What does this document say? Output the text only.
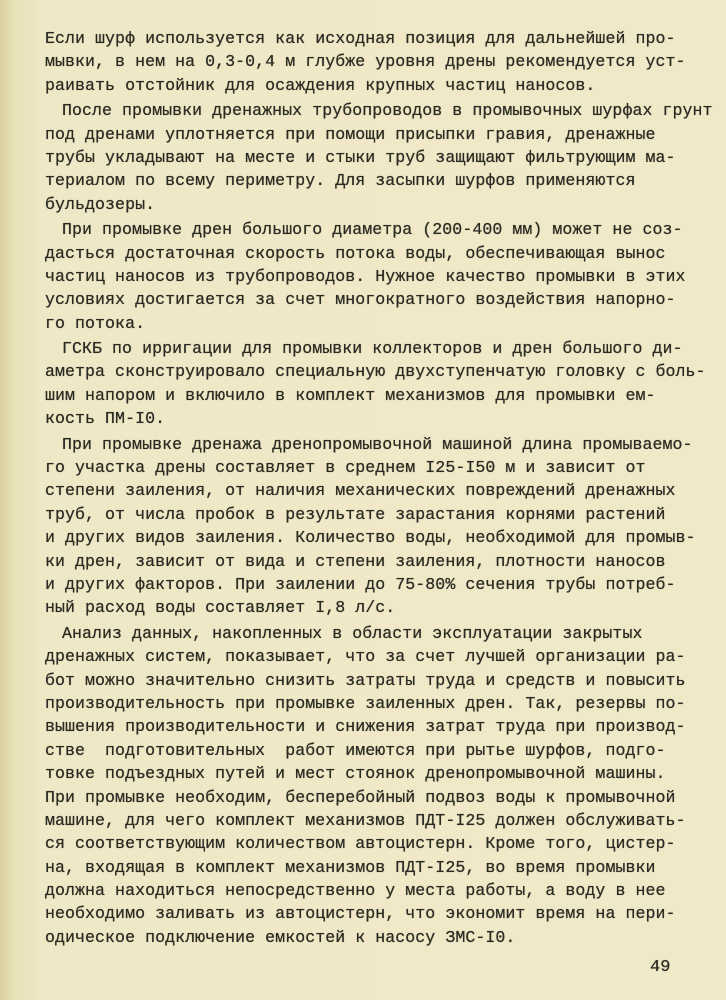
Если шурф используется как исходная позиция для дальнейшей про-
мывки, в нем на 0,3-0,4 м глубже уровня дрены рекомендуется уст-
раивать отстойник для осаждения крупных частиц наносов.
После промывки дренажных трубопроводов в промывочных шурфах грунт
под дренами уплотняется при помощи присыпки гравия, дренажные
трубы укладывают на месте и стыки труб защищают фильтрующим ма-
териалом по всему периметру. Для засыпки шурфов применяются
бульдозеры.
При промывке дрен большого диаметра (200-400 мм) может не соз-
дасться достаточная скорость потока воды, обеспечивающая вынос
частиц наносов из трубопроводов. Нужное качество промывки в этих
условиях достигается за счет многократного воздействия напорно-
го потока.
ГСКБ по ирригации для промывки коллекторов и дрен большого ди-
аметра сконструировало специальную двухступенчатую головку с боль-
шим напором и включило в комплект механизмов для промывки ем-
кость ПМ-I0.
При промывке дренажа дренопромывочной машиной длина промываемо-
го участка дрены составляет в среднем I25-I50 м и зависит от
степени заиления, от наличия механических повреждений дренажных
труб, от числа пробок в результате зарастания корнями растений
и других видов заиления. Количество воды, необходимой для промыв-
ки дрен, зависит от вида и степени заиления, плотности наносов
и других факторов. При заилении до 75-80% сечения трубы потреб-
ный расход воды составляет I,8 л/с.
Анализ данных, накопленных в области эксплуатации закрытых
дренажных систем, показывает, что за счет лучшей организации ра-
бот можно значительно снизить затраты труда и средств и повысить
производительность при промывке заиленных дрен. Так, резервы по-
вышения производительности и снижения затрат труда при производ-
стве  подготовительных  работ имеются при рытье шурфов, подго-
товке подъездных путей и мест стоянок дренопромывочной машины.
При промывке необходим, бесперебойный подвоз воды к промывочной
машине, для чего комплект механизмов ПДТ-I25 должен обслуживать-
ся соответствующим количеством автоцистерн. Кроме того, цистер-
на, входящая в комплект механизмов ПДТ-I25, во время промывки
должна находиться непосредственно у места работы, а воду в нее
необходимо заливать из автоцистерн, что экономит время на пери-
одическое подключение емкостей к насосу ЗМС-I0.
49
